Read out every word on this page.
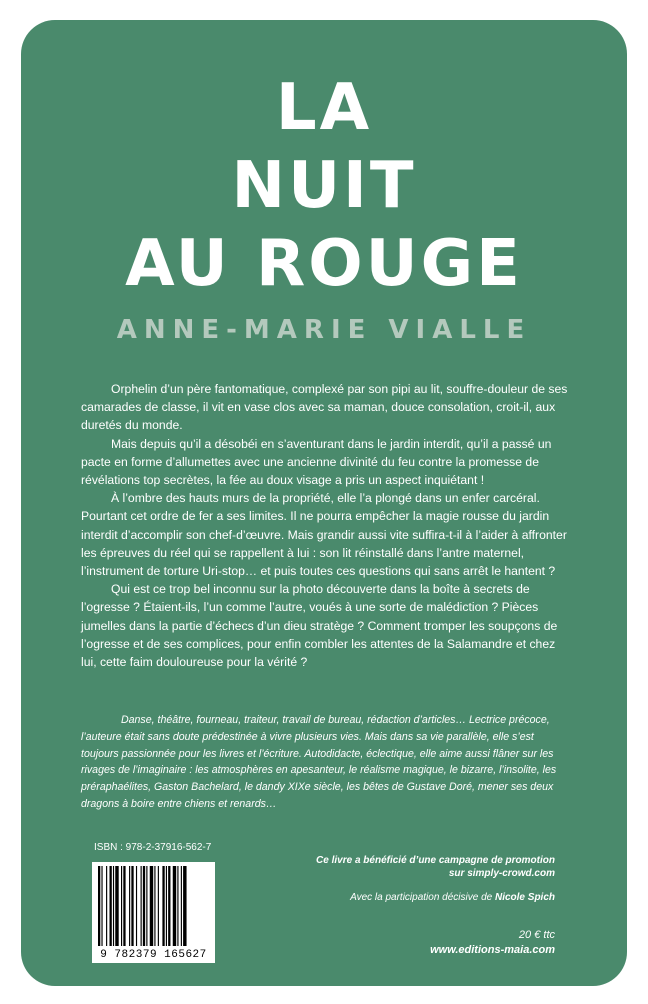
LA
NUIT
AU ROUGE
ANNE-MARIE VIALLE

Orphelin d’un père fantomatique, complexé par son pipi au lit, souffre-douleur de ses camarades de classe, il vit en vase clos avec sa maman, douce consolation, croit-il, aux duretés du monde.

Mais depuis qu’il a désobéi en s’aventurant dans le jardin interdit, qu’il a passé un pacte en forme d’allumettes avec une ancienne divinité du feu contre la promesse de révélations top secrètes, la fée au doux visage a pris un aspect inquiétant !

À l’ombre des hauts murs de la propriété, elle l’a plongé dans un enfer carcéral. Pourtant cet ordre de fer a ses limites. Il ne pourra empêcher la magie rousse du jardin interdit d’accomplir son chef-d’œuvre. Mais grandir aussi vite suffira-t-il à l’aider à affronter les épreuves du réel qui se rappellent à lui : son lit réinstallé dans l’antre maternel, l’instrument de torture Uri-stop… et puis toutes ces questions qui sans arrêt le hantent ?

Qui est ce trop bel inconnu sur la photo découverte dans la boîte à secrets de l’ogresse ? Étaient-ils, l’un comme l’autre, voués à une sorte de malédiction ? Pièces jumelles dans la partie d’échecs d’un dieu stratège ? Comment tromper les soupçons de l’ogresse et de ses complices, pour enfin combler les attentes de la Salamandre et chez lui, cette faim douloureuse pour la vérité ?

Danse, théâtre, fourneau, traiteur, travail de bureau, rédaction d’articles… Lectrice précoce, l’auteure était sans doute prédestinée à vivre plusieurs vies. Mais dans sa vie parallèle, elle s’est toujours passionnée pour les livres et l’écriture. Autodidacte, éclectique, elle aime aussi flâner sur les rivages de l’imaginaire : les atmosphères en apesanteur, le réalisme magique, le bizarre, l’insolite, les préraphaélites, Gaston Bachelard, le dandy XIXe siècle, les bêtes de Gustave Doré, mener ses deux dragons à boire entre chiens et renards…

ISBN : 978-2-37916-562-7
9 782379 165627
Ce livre a bénéficié d’une campagne de promotion
sur simply-crowd.com
Avec la participation décisive de Nicole Spich
20 € ttc
www.editions-maia.com
